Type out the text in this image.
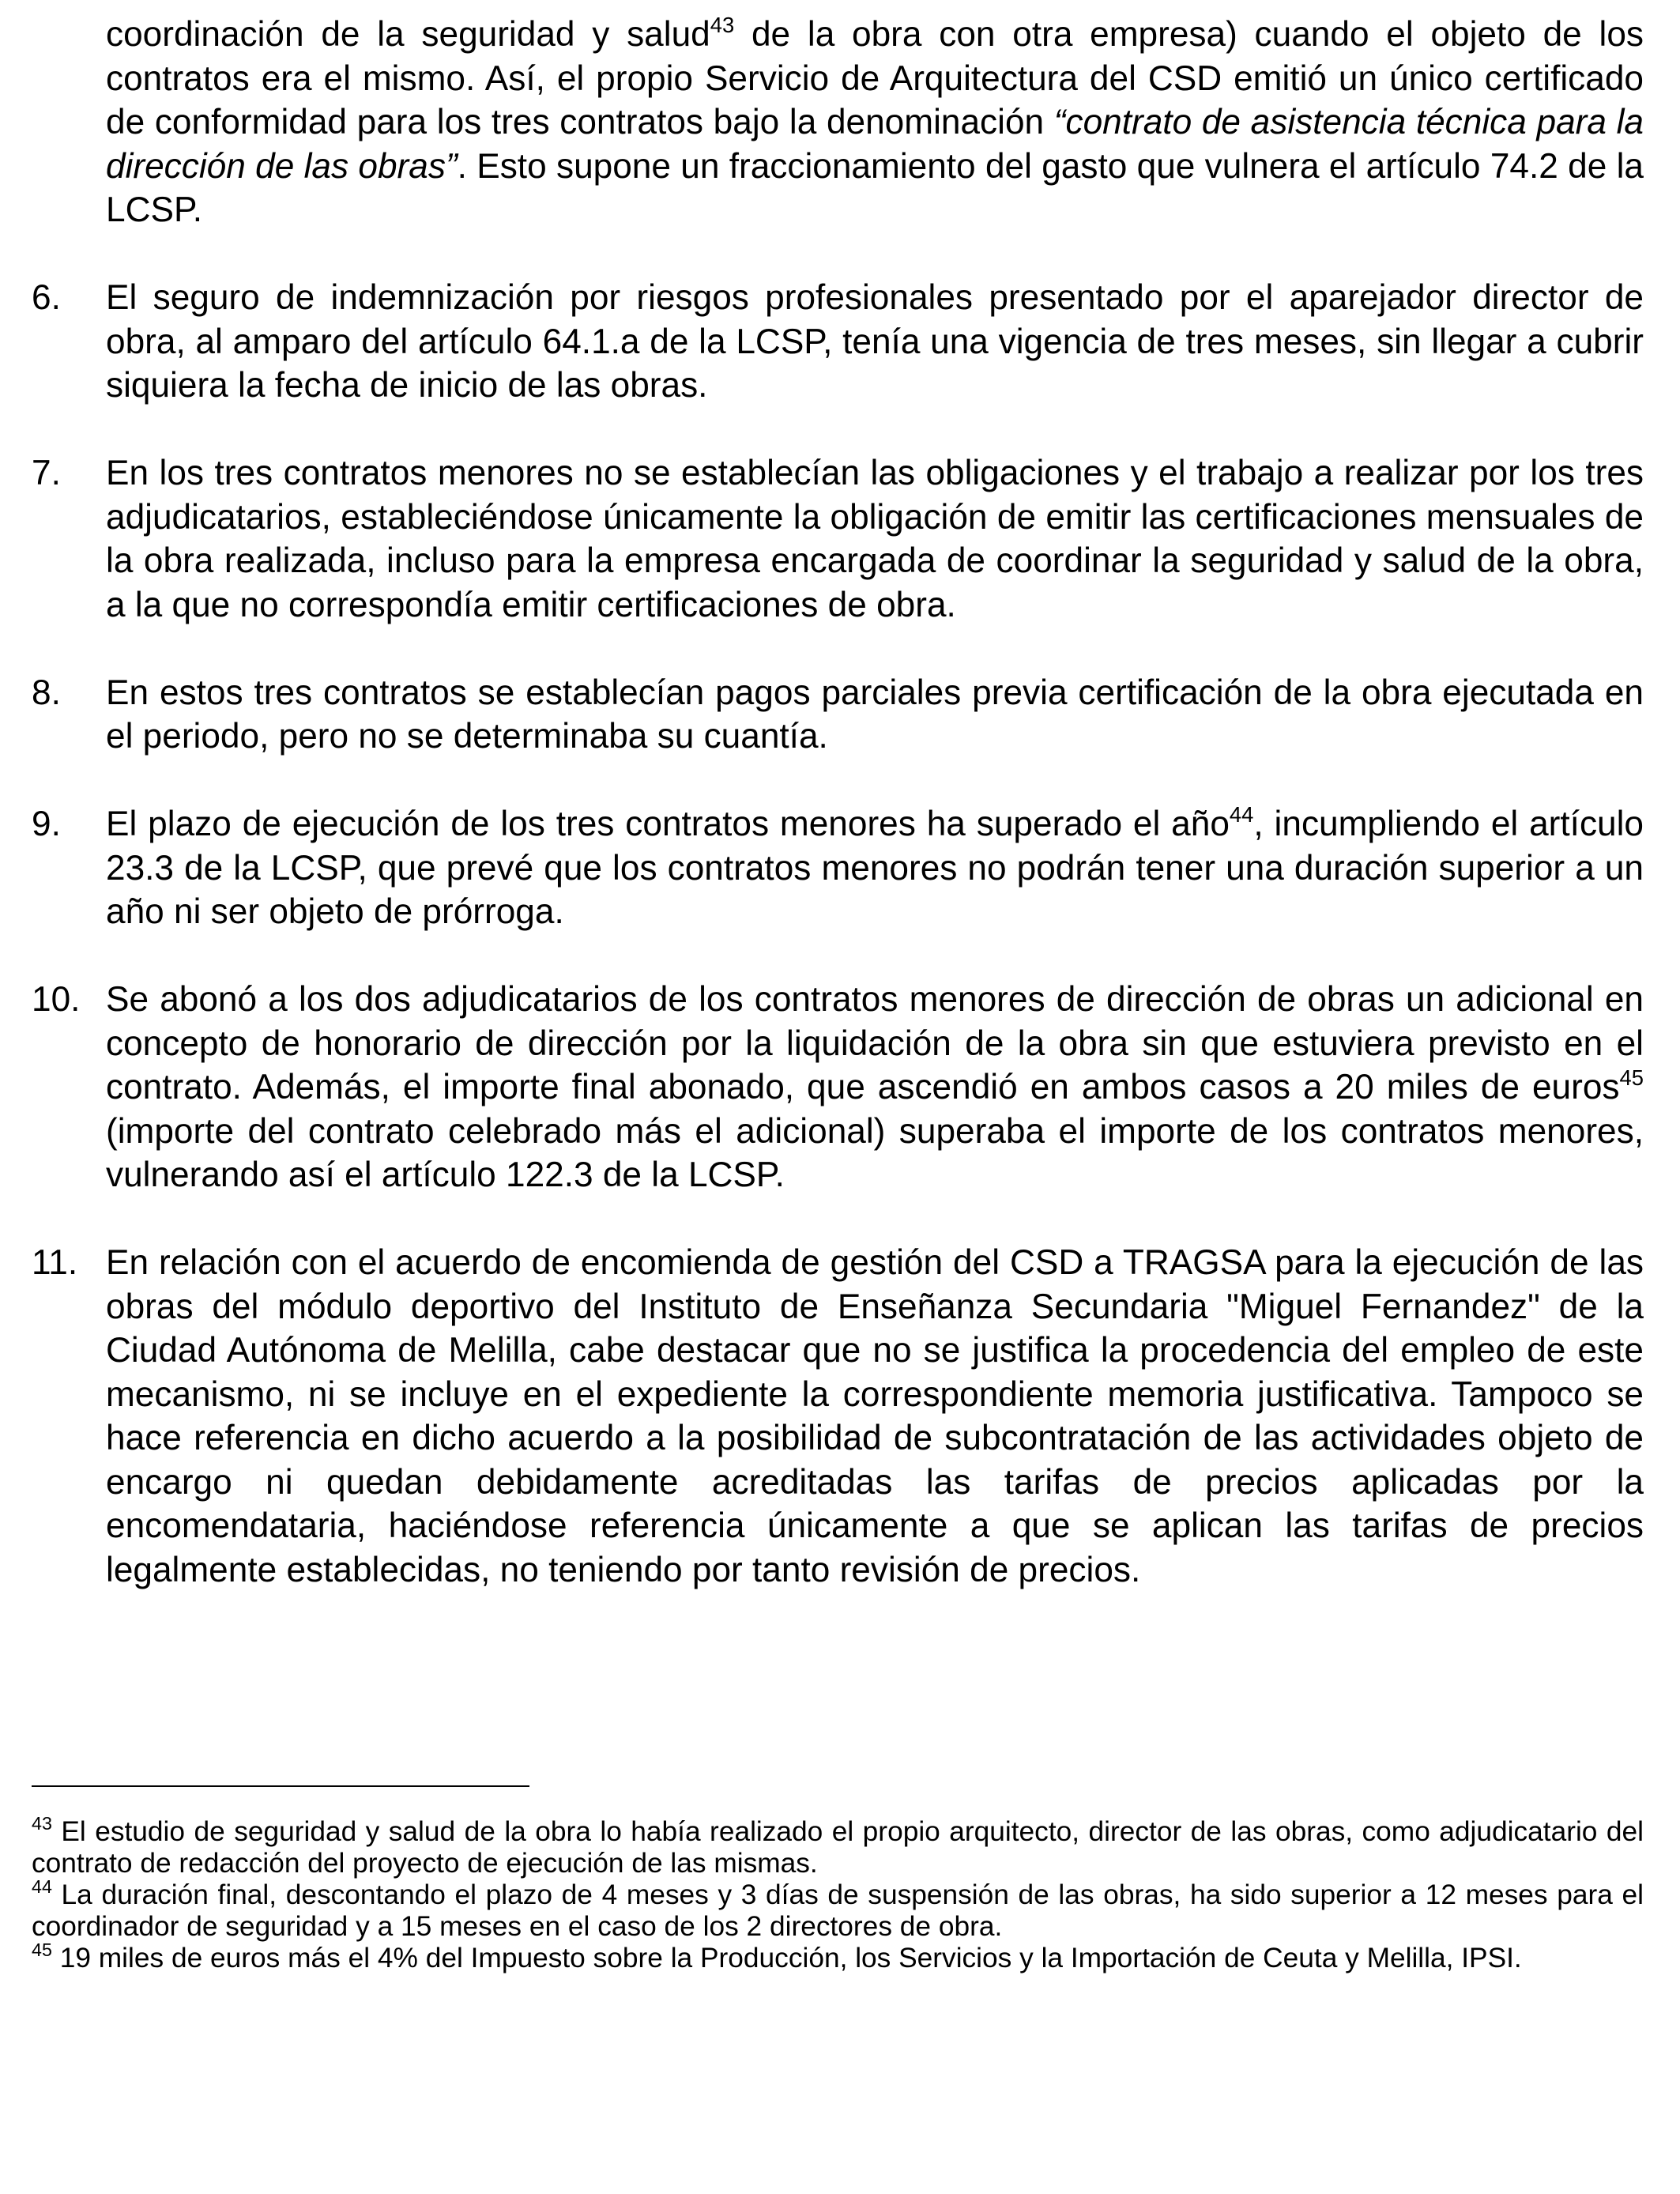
coordinación de la seguridad y salud$^{43}$ de la obra con otra empresa) cuando el objeto de los contratos era el mismo. Así, el propio Servicio de Arquitectura del CSD emitió un único certificado de conformidad para los tres contratos bajo la denominación “contrato de asistencia técnica para la dirección de las obras”. Esto supone un fraccionamiento del gasto que vulnera el artículo 74.2 de la LCSP.

6.	El seguro de indemnización por riesgos profesionales presentado por el aparejador director de obra, al amparo del artículo 64.1.a de la LCSP, tenía una vigencia de tres meses, sin llegar a cubrir siquiera la fecha de inicio de las obras.
7.	En los tres contratos menores no se establecían las obligaciones y el trabajo a realizar por los tres adjudicatarios, estableciéndose únicamente la obligación de emitir las certificaciones mensuales de la obra realizada, incluso para la empresa encargada de coordinar la seguridad y salud de la obra, a la que no correspondía emitir certificaciones de obra.
8.	En estos tres contratos se establecían pagos parciales previa certificación de la obra ejecutada en el periodo, pero no se determinaba su cuantía.
9.	El plazo de ejecución de los tres contratos menores ha superado el año$^{44}$, incumpliendo el artículo 23.3 de la LCSP, que prevé que los contratos menores no podrán tener una duración superior a un año ni ser objeto de prórroga.
10. Se abonó a los dos adjudicatarios de los contratos menores de dirección de obras un adicional en concepto de honorario de dirección por la liquidación de la obra sin que estuviera previsto en el contrato. Además, el importe final abonado, que ascendió en ambos casos a 20 miles de euros$^{45}$ (importe del contrato celebrado más el adicional) superaba el importe de los contratos menores, vulnerando así el artículo 122.3 de la LCSP.
11. En relación con el acuerdo de encomienda de gestión del CSD a TRAGSA para la ejecución de las obras del módulo deportivo del Instituto de Enseñanza Secundaria "Miguel Fernandez" de la Ciudad Autónoma de Melilla, cabe destacar que no se justifica la procedencia del empleo de este mecanismo, ni se incluye en el expediente la correspondiente memoria justificativa. Tampoco se hace referencia en dicho acuerdo a la posibilidad de subcontratación de las actividades objeto de encargo ni quedan debidamente acreditadas las tarifas de precios aplicadas por la encomendataria, haciéndose referencia únicamente a que se aplican las tarifas de precios legalmente establecidas, no teniendo por tanto revisión de precios.

$^{43}$ El estudio de seguridad y salud de la obra lo había realizado el propio arquitecto, director de las obras, como adjudicatario del contrato de redacción del proyecto de ejecución de las mismas.

$^{44}$ La duración final, descontando el plazo de 4 meses y 3 días de suspensión de las obras, ha sido superior a 12 meses para el coordinador de seguridad y a 15 meses en el caso de los 2 directores de obra.

$^{45}$ 19 miles de euros más el 4% del Impuesto sobre la Producción, los Servicios y la Importación de Ceuta y Melilla, IPSI.
